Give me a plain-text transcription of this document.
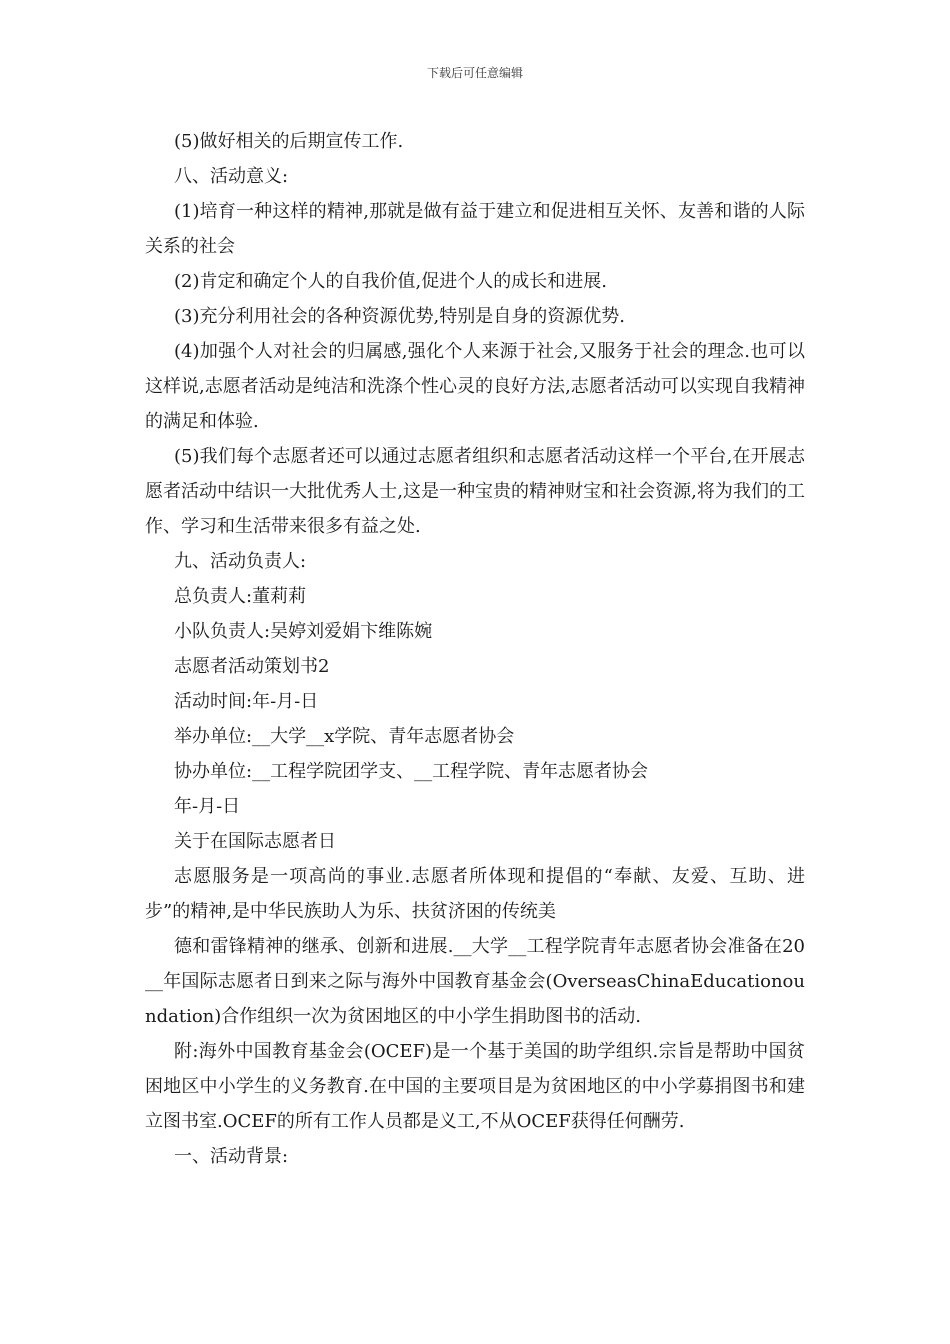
下载后可任意编辑

(5)做好相关的后期宣传工作.

八、活动意义:

(1)培育一种这样的精神,那就是做有益于建立和促进相互关怀、友善和谐的人际关系的社会

(2)肯定和确定个人的自我价值,促进个人的成长和进展.

(3)充分利用社会的各种资源优势,特别是自身的资源优势.

(4)加强个人对社会的归属感,强化个人来源于社会,又服务于社会的理念.也可以这样说,志愿者活动是纯洁和洗涤个性心灵的良好方法,志愿者活动可以实现自我精神的满足和体验.

(5)我们每个志愿者还可以通过志愿者组织和志愿者活动这样一个平台,在开展志愿者活动中结识一大批优秀人士,这是一种宝贵的精神财宝和社会资源,将为我们的工作、学习和生活带来很多有益之处.

九、活动负责人:

总负责人:董莉莉

小队负责人:吴婷刘爱娟卞维陈婉

志愿者活动策划书2

活动时间:年-月-日

举办单位:__大学__x学院、青年志愿者协会

协办单位:__工程学院团学支、__工程学院、青年志愿者协会

年-月-日

关于在国际志愿者日

志愿服务是一项高尚的事业.志愿者所体现和提倡的“奉献、友爱、互助、进步”的精神,是中华民族助人为乐、扶贫济困的传统美

德和雷锋精神的继承、创新和进展.__大学__工程学院青年志愿者协会准备在20__年国际志愿者日到来之际与海外中国教育基金会(OverseasChinaEducationoundation)合作组织一次为贫困地区的中小学生捐助图书的活动.

附:海外中国教育基金会(OCEF)是一个基于美国的助学组织.宗旨是帮助中国贫困地区中小学生的义务教育.在中国的主要项目是为贫困地区的中小学募捐图书和建立图书室.OCEF的所有工作人员都是义工,不从OCEF获得任何酬劳.

一、活动背景:
